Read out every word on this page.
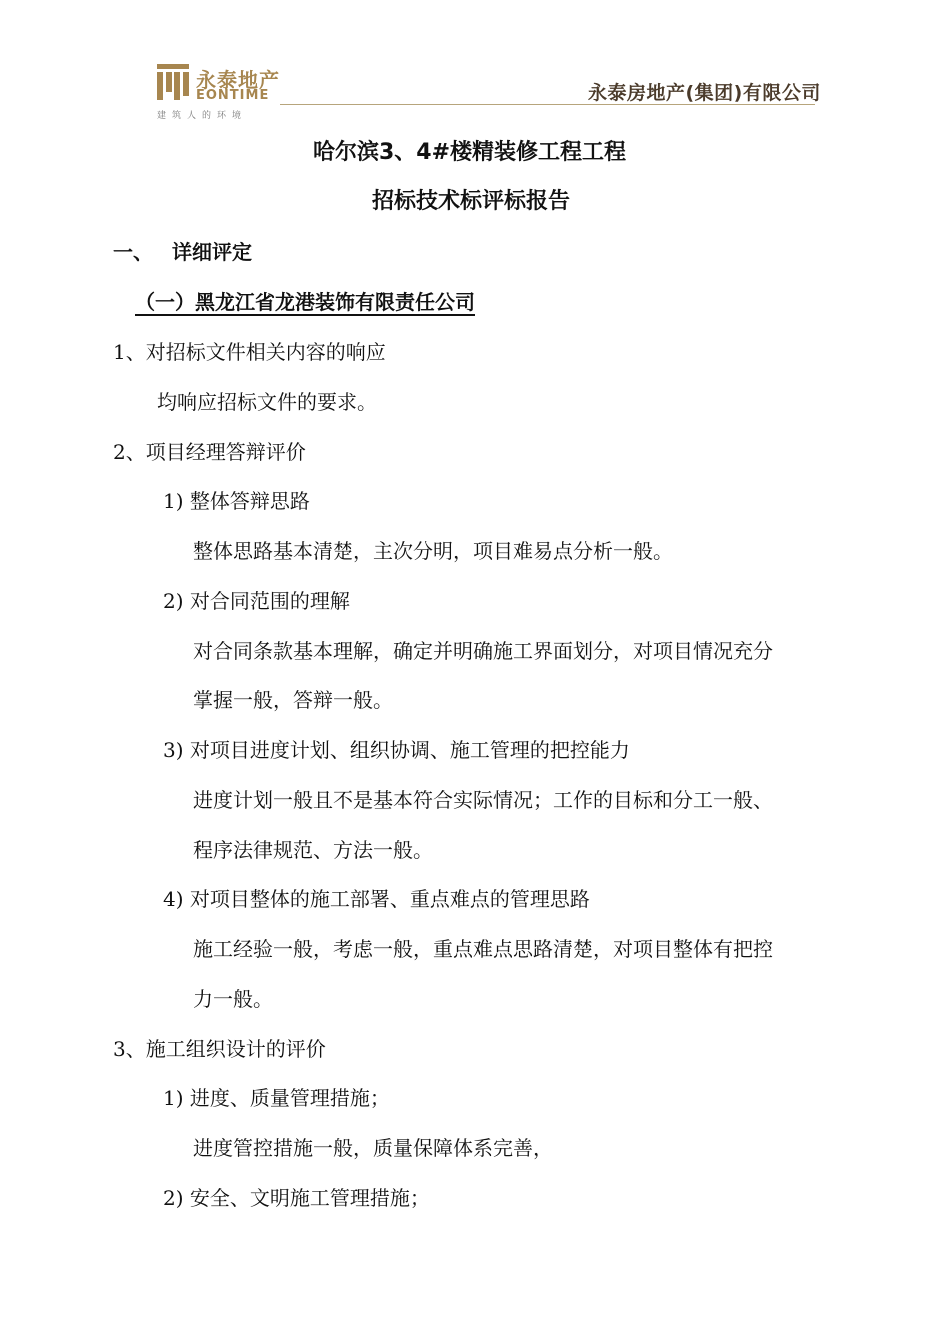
永泰地产
EONTIME
建筑人的环境
永泰房地产(集团)有限公司
哈尔滨3、4#楼精装修工程工程
招标技术标评标报告
一、 详细评定
（一）黑龙江省龙港装饰有限责任公司
1、对招标文件相关内容的响应
均响应招标文件的要求。
2、项目经理答辩评价
1) 整体答辩思路
整体思路基本清楚，主次分明，项目难易点分析一般。
2) 对合同范围的理解
对合同条款基本理解，确定并明确施工界面划分，对项目情况充分
掌握一般，答辩一般。
3) 对项目进度计划、组织协调、施工管理的把控能力
进度计划一般且不是基本符合实际情况；工作的目标和分工一般、
程序法律规范、方法一般。
4) 对项目整体的施工部署、重点难点的管理思路
施工经验一般，考虑一般，重点难点思路清楚，对项目整体有把控
力一般。
3、施工组织设计的评价
1) 进度、质量管理措施；
进度管控措施一般，质量保障体系完善，
2) 安全、文明施工管理措施；
